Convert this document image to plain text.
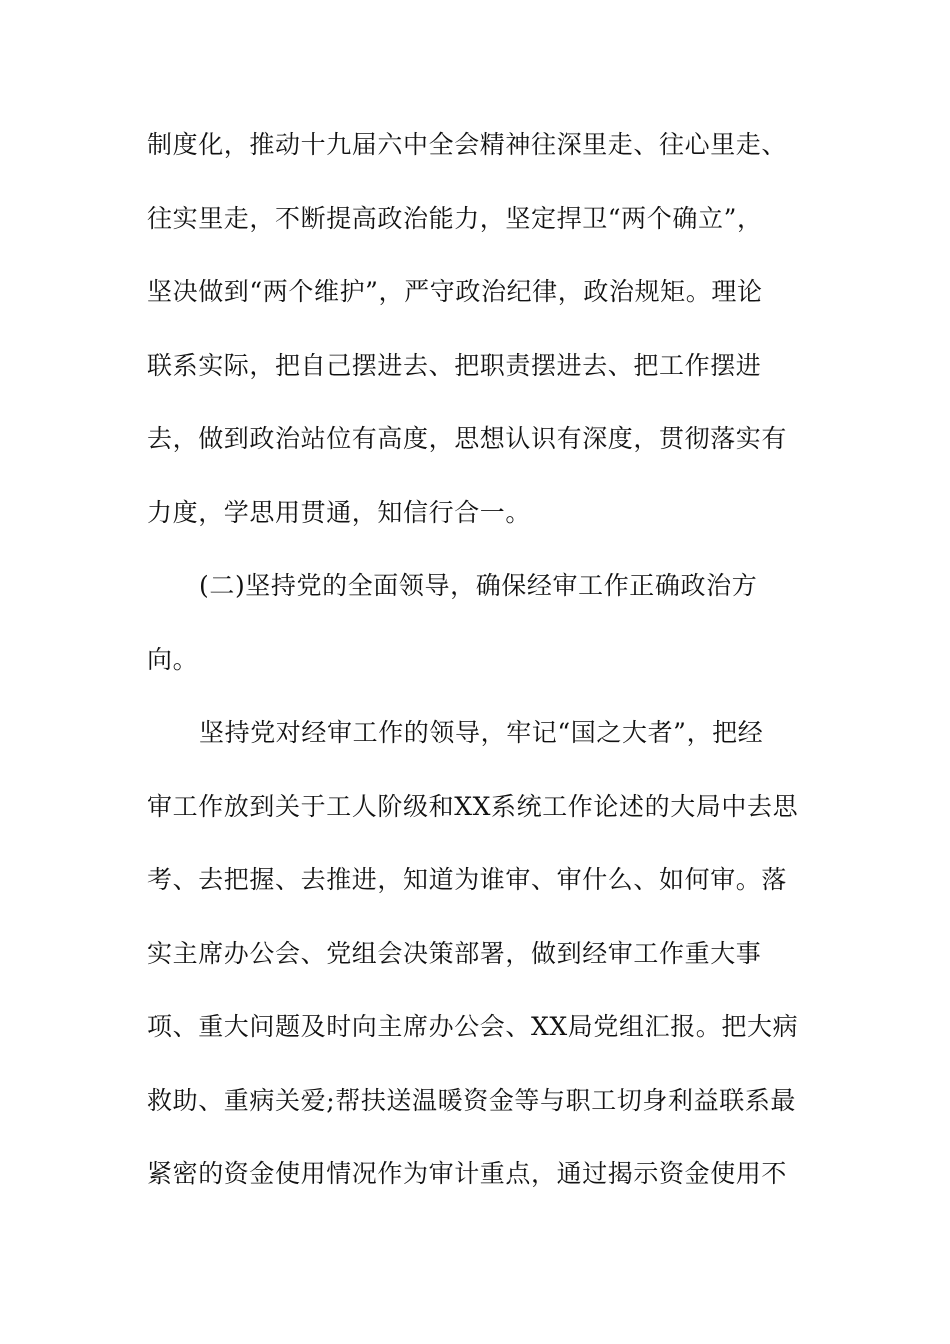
制度化，推动十九届六中全会精神往深里走、往心里走、
往实里走，不断提高政治能力，坚定捍卫“两个确立”，
坚决做到“两个维护”，严守政治纪律，政治规矩。理论
联系实际，把自己摆进去、把职责摆进去、把工作摆进
去，做到政治站位有高度，思想认识有深度，贯彻落实有
力度，学思用贯通，知信行合一。
(二)坚持党的全面领导，确保经审工作正确政治方
向。
坚持党对经审工作的领导，牢记“国之大者”，把经
审工作放到关于工人阶级和XX系统工作论述的大局中去思
考、去把握、去推进，知道为谁审、审什么、如何审。落
实主席办公会、党组会决策部署，做到经审工作重大事
项、重大问题及时向主席办公会、XX局党组汇报。把大病
救助、重病关爱;帮扶送温暖资金等与职工切身利益联系最
紧密的资金使用情况作为审计重点，通过揭示资金使用不
